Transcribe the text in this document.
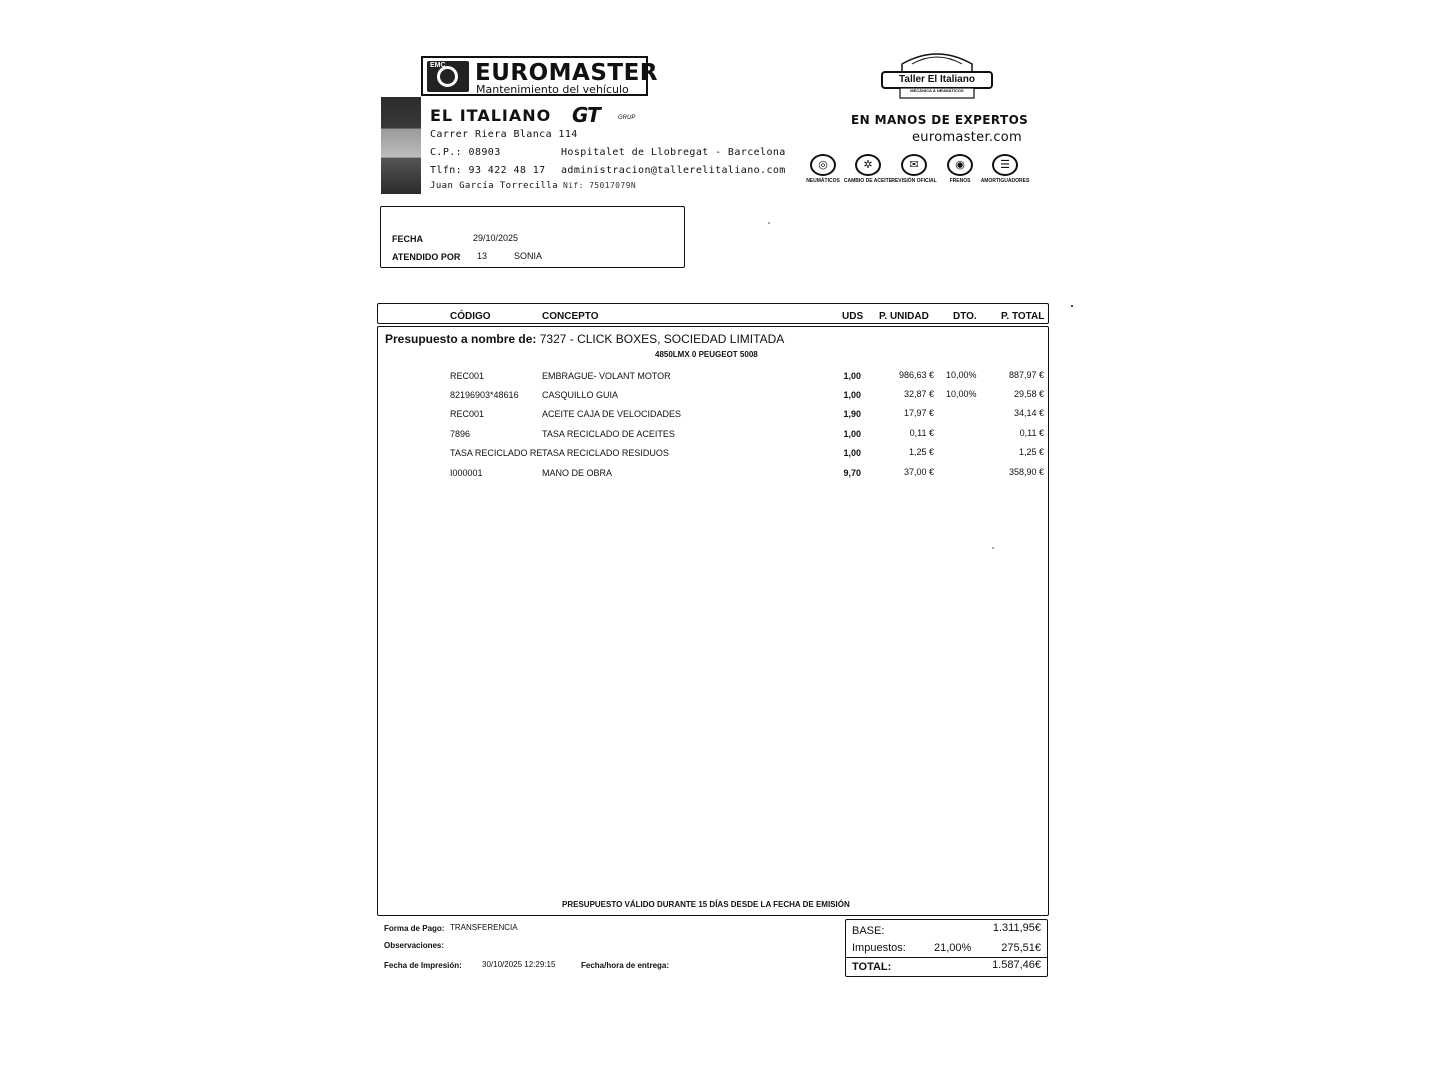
EMC EUROMASTER
Mantenimiento del vehículo
EL ITALIANO GT	GRUP
Carrer Riera Blanca 114
C.P.: 08903	Hospitalet de Llobregat - Barcelona
Tlfn: 93 422 48 17 administracion@tallerelitaliano.com
Juan García Torrecilla Nif: 75017079N
Taller El Italiano
MECÁNICA & NEUMÁTICOS
EN MANOS DE EXPERTOS
euromaster.com
◎
NEUMÁTICOS
✲
CAMBIO DE ACEITE
✉
REVISIÓN OFICIAL
◉
FRENOS
☰
AMORTIGUADORES
FECHA	29/10/2025
ATENDIDO POR 13	SONIA
CÓDIGO	CONCEPTO	UDS P. UNIDAD DTO. P. TOTAL
Presupuesto a nombre de: 7327 - CLICK BOXES, SOCIEDAD LIMITADA
4850LMX 0 PEUGEOT 5008
REC001	EMBRAGUE- VOLANT MOTOR	1,00	986,63 € 10,00%	887,97 €
82196903*48616	CASQUILLO GUIA	1,00	32,87 € 10,00%	29,58 €
REC001	ACEITE CAJA DE VELOCIDADES	1,90	17,97 €	34,14 €
7896	TASA RECICLADO DE ACEITES	1,00	0,11 €	0,11 €
TASA RECICLADO RE TASA RECICLADO RESIDUOS	1,00	1,25 €	1,25 €
I000001	MANO DE OBRA	9,70	37,00 €	358,90 €
PRESUPUESTO VÁLIDO DURANTE 15 DÍAS DESDE LA FECHA DE EMISIÓN
Forma de Pago: TRANSFERENCIA
Observaciones:
Fecha de Impresión:	30/10/2025 12:29:15	Fecha/hora de entrega:
BASE:	1.311,95€
Impuestos:	21,00%	275,51€
TOTAL:	1.587,46€
